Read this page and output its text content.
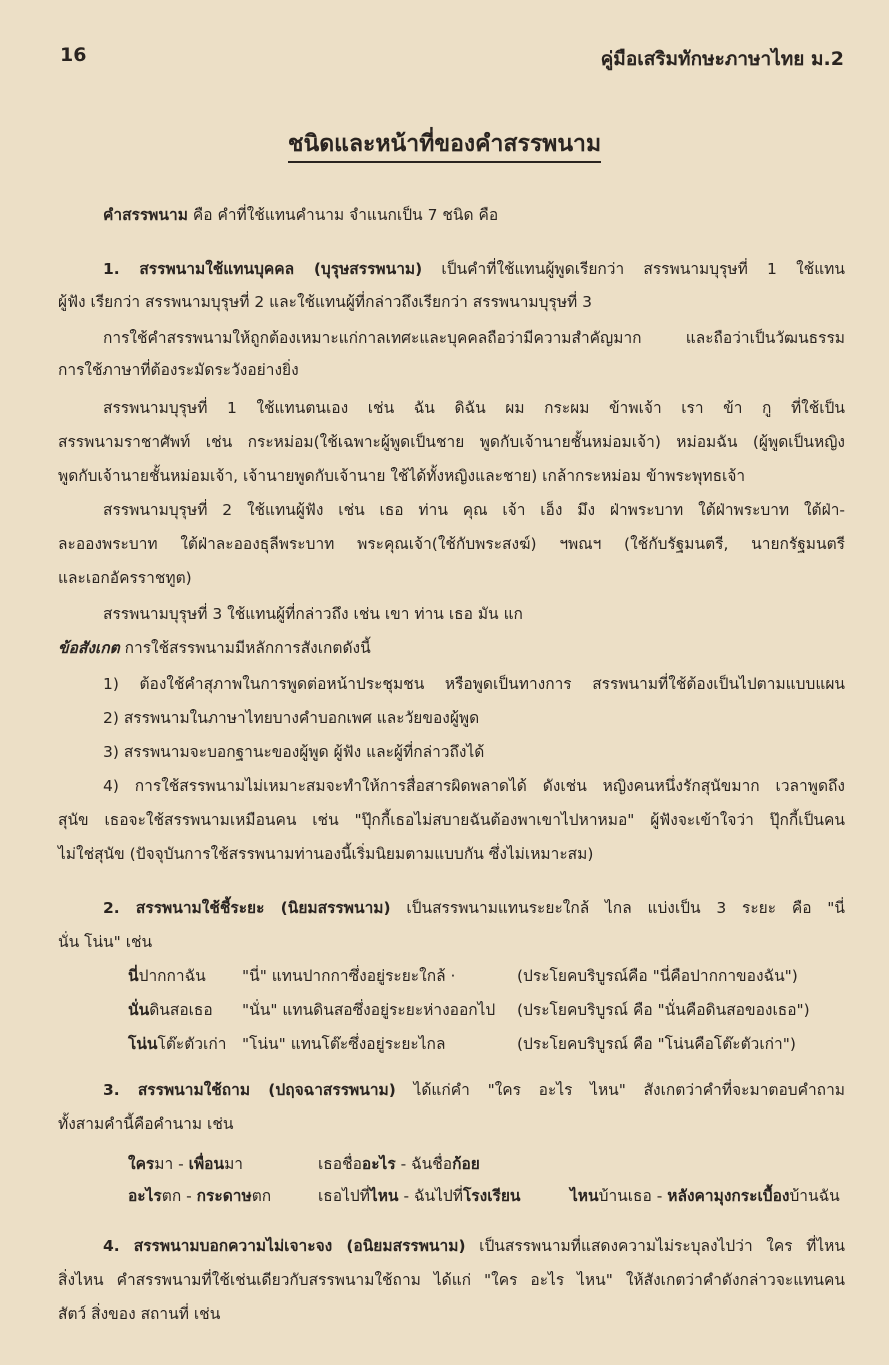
16	คู่มือเสริมทักษะภาษาไทย ม.2
ชนิดและหน้าที่ของคำสรรพนาม
คำสรรพนาม คือ คำที่ใช้แทนคำนาม จำแนกเป็น 7 ชนิด คือ
1. สรรพนามใช้แทนบุคคล (บุรุษสรรพนาม) เป็นคำที่ใช้แทนผู้พูดเรียกว่า สรรพนามบุรุษที่ 1 ใช้แทน
ผู้ฟัง เรียกว่า สรรพนามบุรุษที่ 2 และใช้แทนผู้ที่กล่าวถึงเรียกว่า สรรพนามบุรุษที่ 3
การใช้คำสรรพนามให้ถูกต้องเหมาะแก่กาลเทศะและบุคคลถือว่ามีความสำคัญมาก และถือว่าเป็นวัฒนธรรม
การใช้ภาษาที่ต้องระมัดระวังอย่างยิ่ง
สรรพนามบุรุษที่ 1 ใช้แทนตนเอง เช่น ฉัน ดิฉัน ผม กระผม ข้าพเจ้า เรา ข้า กู ที่ใช้เป็น
สรรพนามราชาศัพท์ เช่น กระหม่อม(ใช้เฉพาะผู้พูดเป็นชาย พูดกับเจ้านายชั้นหม่อมเจ้า) หม่อมฉัน (ผู้พูดเป็นหญิง
พูดกับเจ้านายชั้นหม่อมเจ้า, เจ้านายพูดกับเจ้านาย ใช้ได้ทั้งหญิงและชาย) เกล้ากระหม่อม ข้าพระพุทธเจ้า
สรรพนามบุรุษที่ 2 ใช้แทนผู้ฟัง เช่น เธอ ท่าน คุณ เจ้า เอ็ง มึง ฝ่าพระบาท ใต้ฝ่าพระบาท ใต้ฝ่า-
ละอองพระบาท ใต้ฝ่าละอองธุลีพระบาท พระคุณเจ้า(ใช้กับพระสงฆ์) ฯพณฯ (ใช้กับรัฐมนตรี, นายกรัฐมนตรี
และเอกอัครราชทูต)
สรรพนามบุรุษที่ 3 ใช้แทนผู้ที่กล่าวถึง เช่น เขา ท่าน เธอ มัน แก
ข้อสังเกต การใช้สรรพนามมีหลักการสังเกตดังนี้
1) ต้องใช้คำสุภาพในการพูดต่อหน้าประชุมชน หรือพูดเป็นทางการ สรรพนามที่ใช้ต้องเป็นไปตามแบบแผน
2) สรรพนามในภาษาไทยบางคำบอกเพศ และวัยของผู้พูด
3) สรรพนามจะบอกฐานะของผู้พูด ผู้ฟัง และผู้ที่กล่าวถึงได้
4) การใช้สรรพนามไม่เหมาะสมจะทำให้การสื่อสารผิดพลาดได้ ดังเช่น หญิงคนหนึ่งรักสุนัขมาก เวลาพูดถึง
สุนัข เธอจะใช้สรรพนามเหมือนคน เช่น "ปุ๊กกี้เธอไม่สบายฉันต้องพาเขาไปหาหมอ" ผู้ฟังจะเข้าใจว่า ปุ๊กกี้เป็นคน
ไม่ใช่สุนัข (ปัจจุบันการใช้สรรพนามท่านองนี้เริ่มนิยมตามแบบกัน ซึ่งไม่เหมาะสม)
2. สรรพนามใช้ชี้ระยะ (นิยมสรรพนาม) เป็นสรรพนามแทนระยะใกล้ ไกล แบ่งเป็น 3 ระยะ คือ "นี่
นั่น โน่น" เช่น
นี่ปากกาฉัน "นี่" แทนปากกาซึ่งอยู่ระยะใกล้ ·	(ประโยคบริบูรณ์คือ "นี่คือปากกาของฉัน")
นั่นดินสอเธอ "นั่น" แทนดินสอซึ่งอยู่ระยะห่างออกไป (ประโยคบริบูรณ์ คือ "นั่นคือดินสอของเธอ")
โน่นโต๊ะตัวเก่า "โน่น" แทนโต๊ะซึ่งอยู่ระยะไกล	(ประโยคบริบูรณ์ คือ "โน่นคือโต๊ะตัวเก่า")
3. สรรพนามใช้ถาม (ปฤจฉาสรรพนาม) ได้แก่คำ "ใคร อะไร ไหน" สังเกตว่าคำที่จะมาตอบคำถาม
ทั้งสามคำนี้คือคำนาม เช่น
ใครมา - เพื่อนมา	เธอชื่ออะไร - ฉันชื่อก้อย
อะไรตก - กระดาษตก	เธอไปที่ไหน - ฉันไปที่โรงเรียน	ไหนบ้านเธอ - หลังคามุงกระเบื้องบ้านฉัน
4. สรรพนามบอกความไม่เจาะจง (อนิยมสรรพนาม) เป็นสรรพนามที่แสดงความไม่ระบุลงไปว่า ใคร ที่ไหน
สิ่งไหน คำสรรพนามที่ใช้เช่นเดียวกับสรรพนามใช้ถาม ได้แก่ "ใคร อะไร ไหน" ให้สังเกตว่าคำดังกล่าวจะแทนคน
สัตว์ สิ่งของ สถานที่ เช่น
